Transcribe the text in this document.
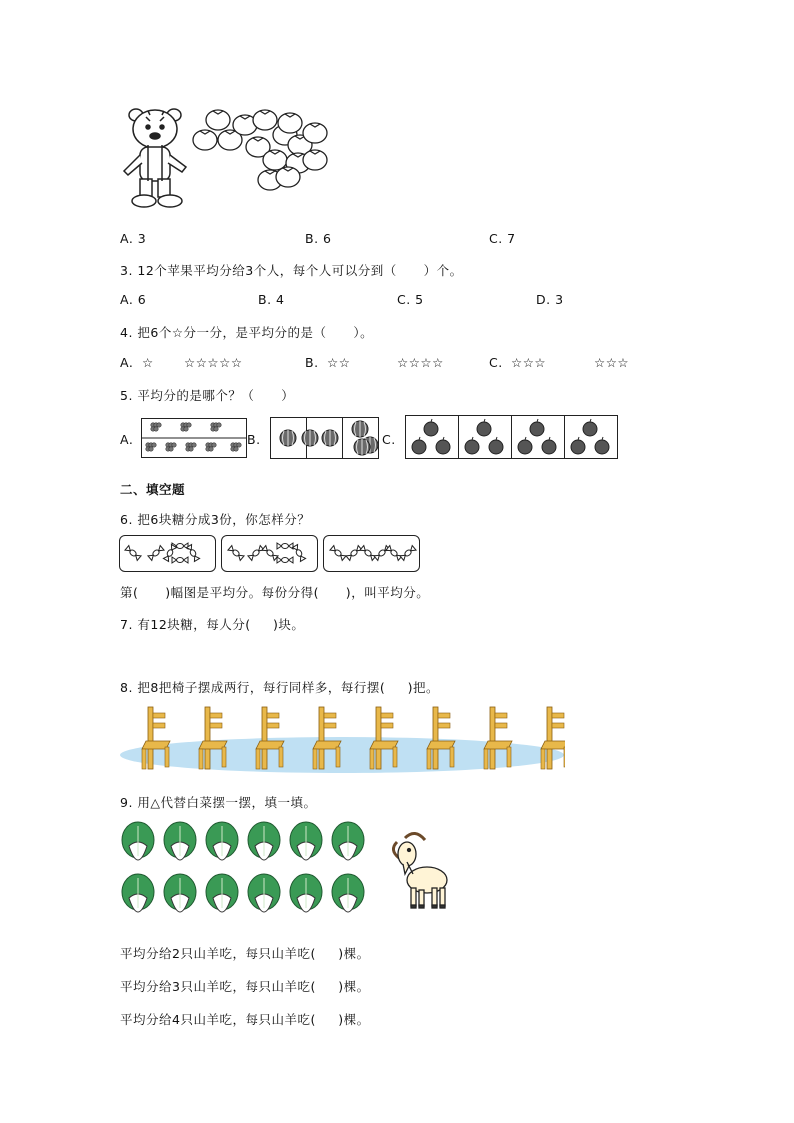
A. 3	B. 6	C. 7
3. 12个苹果平均分给3个人，每个人可以分到（      ）个。
A. 6	B. 4	C. 5	D. 3
4. 把6个☆分一分，是平均分的是（      ）。
A. ☆ ☆☆☆☆☆	B. ☆☆	☆☆☆☆	C. ☆☆☆	☆☆☆
5. 平均分的是哪个？（      ）
A.	B.	C.
二、填空题
6. 把6块糖分成3份，你怎样分？
第(      )幅图是平均分。每份分得(      )，叫平均分。
7. 有12块糖，每人分(     )块。
8. 把8把椅子摆成两行，每行同样多，每行摆(     )把。
9. 用△代替白菜摆一摆，填一填。
平均分给2只山羊吃，每只山羊吃(     )棵。
平均分给3只山羊吃，每只山羊吃(     )棵。
平均分给4只山羊吃，每只山羊吃(     )棵。
